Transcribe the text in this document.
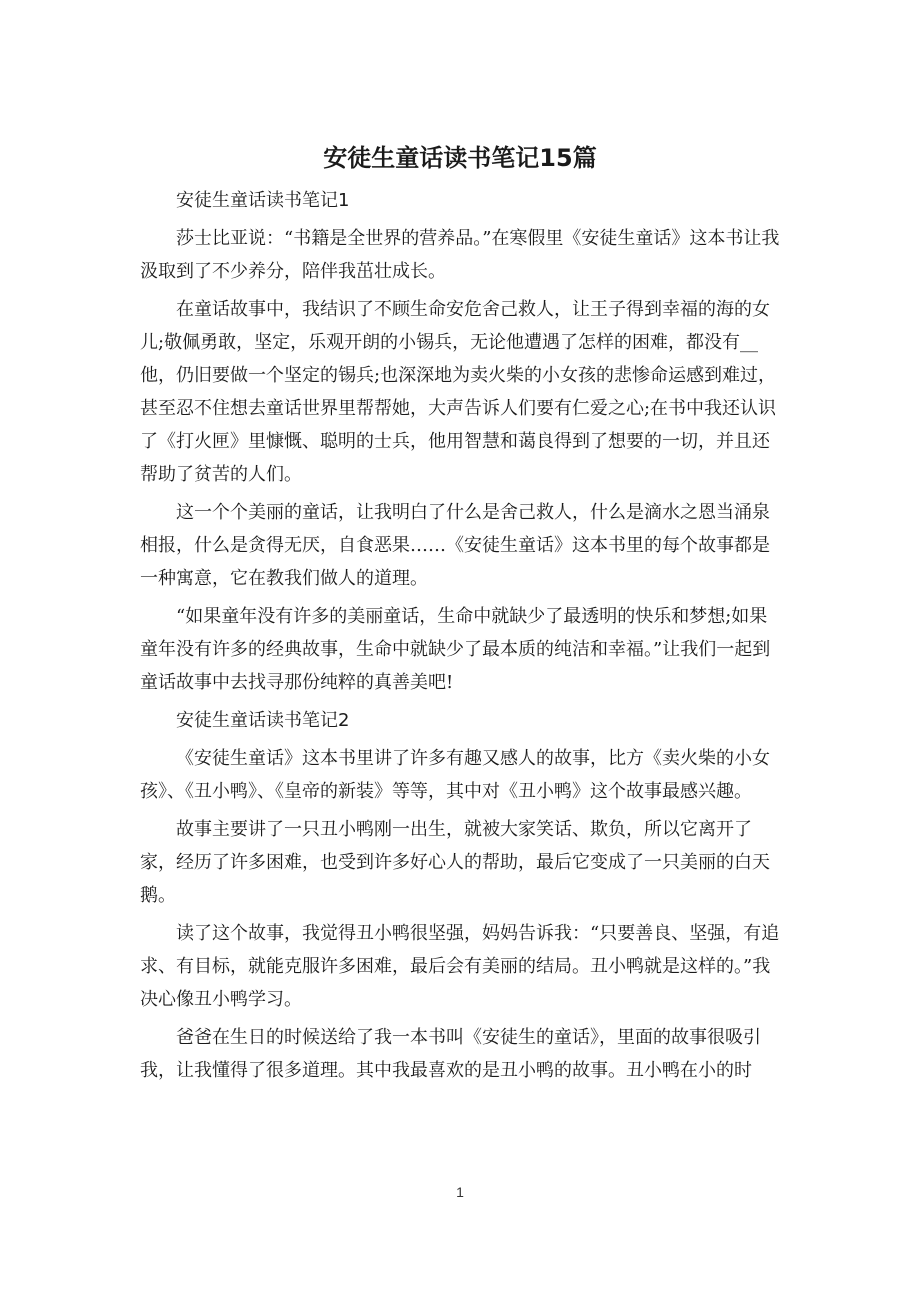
安徒生童话读书笔记15篇
安徒生童话读书笔记1

莎士比亚说：“书籍是全世界的营养品。”在寒假里《安徒生童话》这本书让我汲取到了不少养分，陪伴我茁壮成长。

在童话故事中，我结识了不顾生命安危舍己救人，让王子得到幸福的海的女儿;敬佩勇敢，坚定，乐观开朗的小锡兵，无论他遭遇了怎样的困难，都没有__他，仍旧要做一个坚定的锡兵;也深深地为卖火柴的小女孩的悲惨命运感到难过，甚至忍不住想去童话世界里帮帮她，大声告诉人们要有仁爱之心;在书中我还认识了《打火匣》里慷慨、聪明的士兵，他用智慧和蔼良得到了想要的一切，并且还帮助了贫苦的人们。

这一个个美丽的童话，让我明白了什么是舍己救人，什么是滴水之恩当涌泉相报，什么是贪得无厌，自食恶果……《安徒生童话》这本书里的每个故事都是一种寓意，它在教我们做人的道理。

“如果童年没有许多的美丽童话，生命中就缺少了最透明的快乐和梦想;如果童年没有许多的经典故事，生命中就缺少了最本质的纯洁和幸福。”让我们一起到童话故事中去找寻那份纯粹的真善美吧!

安徒生童话读书笔记2

《安徒生童话》这本书里讲了许多有趣又感人的故事，比方《卖火柴的小女孩》、《丑小鸭》、《皇帝的新装》等等，其中对《丑小鸭》这个故事最感兴趣。

故事主要讲了一只丑小鸭刚一出生，就被大家笑话、欺负，所以它离开了家，经历了许多困难，也受到许多好心人的帮助，最后它变成了一只美丽的白天鹅。

读了这个故事，我觉得丑小鸭很坚强，妈妈告诉我：“只要善良、坚强，有追求、有目标，就能克服许多困难，最后会有美丽的结局。丑小鸭就是这样的。”我决心像丑小鸭学习。

爸爸在生日的时候送给了我一本书叫《安徒生的童话》，里面的故事很吸引我，让我懂得了很多道理。其中我最喜欢的是丑小鸭的故事。丑小鸭在小的时

1
